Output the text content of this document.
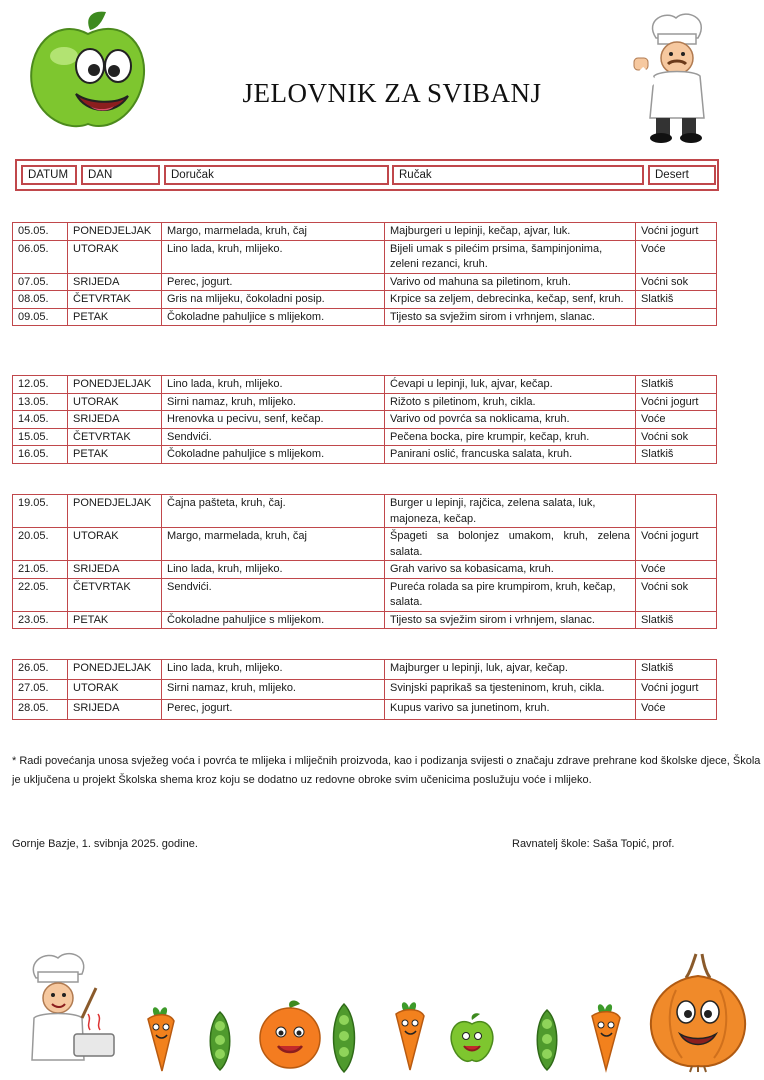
JELOVNIK ZA SVIBANJ
DATUM	DAN	Doručak	Ručak	Desert
05.05.	PONEDJELJAK	Margo, marmelada, kruh, čaj	Majburgeri u lepinji, kečap, ajvar, luk.	Voćni jogurt
06.05.	UTORAK	Lino lada, kruh, mlijeko.	Bijeli umak s pilećim prsima, šampinjonima, zeleni rezanci, kruh.	Voće
07.05.	SRIJEDA	Perec, jogurt.	Varivo od mahuna sa piletinom, kruh.	Voćni sok
08.05.	ČETVRTAK	Gris na mlijeku, čokoladni posip.	Krpice sa zeljem, debrecinka, kečap, senf, kruh.	Slatkiš
09.05.	PETAK	Čokoladne pahuljice s mlijekom.	Tijesto sa svježim sirom i vrhnjem, slanac.	
12.05.	PONEDJELJAK	Lino lada, kruh, mlijeko.	Ćevapi u lepinji, luk, ajvar, kečap.	Slatkiš
13.05.	UTORAK	Sirni namaz, kruh, mlijeko.	Rižoto s piletinom, kruh, cikla.	Voćni jogurt
14.05.	SRIJEDA	Hrenovka u pecivu, senf, kečap.	Varivo od povrća sa noklicama, kruh.	Voće
15.05.	ČETVRTAK	Sendvići.	Pečena bocka, pire krumpir, kečap, kruh.	Voćni sok
16.05.	PETAK	Čokoladne pahuljice s mlijekom.	Panirani oslić, francuska salata, kruh.	Slatkiš
19.05.	PONEDJELJAK	Čajna pašteta, kruh, čaj.	Burger u lepinji, rajčica, zelena salata, luk, majoneza, kečap.	
20.05.	UTORAK	Margo, marmelada, kruh, čaj	Špageti sa bolonjez umakom, kruh, zelena salata.	Voćni jogurt
21.05.	SRIJEDA	Lino lada, kruh, mlijeko.	Grah varivo sa kobasicama, kruh.	Voće
22.05.	ČETVRTAK	Sendvići.	Pureća rolada sa pire krumpirom, kruh, kečap, salata.	Voćni sok
23.05.	PETAK	Čokoladne pahuljice s mlijekom.	Tijesto sa svježim sirom i vrhnjem, slanac.	Slatkiš
26.05.	PONEDJELJAK	Lino lada, kruh, mlijeko.	Majburger u lepinji, luk, ajvar, kečap.	Slatkiš
27.05.	UTORAK	Sirni namaz, kruh, mlijeko.	Svinjski paprikaš sa tjesteninom, kruh, cikla.	Voćni jogurt
28.05.	SRIJEDA	Perec, jogurt.	Kupus varivo sa junetinom, kruh.	Voće
* Radi povećanja unosa svježeg voća i povrća te mlijeka i mliječnih proizvoda, kao i podizanja svijesti o značaju zdrave prehrane kod školske djece, Škola je uključena u projekt Školska shema kroz koju se dodatno uz redovne obroke svim učenicima poslužuju voće i mlijeko.
Gornje Bazje, 1. svibnja 2025. godine.	Ravnatelj škole: Saša Topić, prof.
